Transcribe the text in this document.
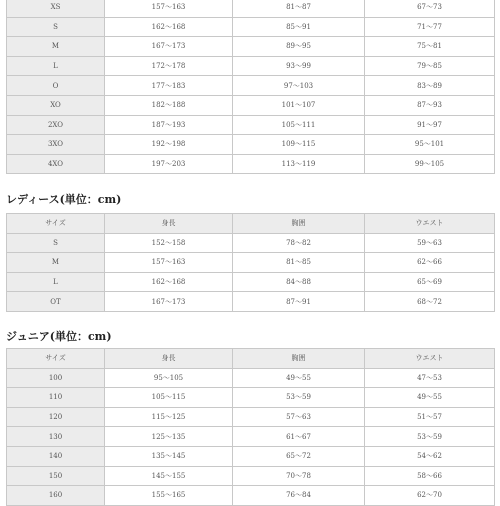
XS	157〜163	81〜87	67〜73
S	162〜168	85〜91	71〜77
M	167〜173	89〜95	75〜81
L	172〜178	93〜99	79〜85
O	177〜183	97〜103	83〜89
XO	182〜188	101〜107	87〜93
2XO	187〜193	105〜111	91〜97
3XO	192〜198	109〜115	95〜101
4XO	197〜203	113〜119	99〜105
レディース(単位：cm)
サイズ	身長	胸囲	ウエスト
S	152〜158	78〜82	59〜63
M	157〜163	81〜85	62〜66
L	162〜168	84〜88	65〜69
OT	167〜173	87〜91	68〜72
ジュニア(単位：cm)
サイズ	身長	胸囲	ウエスト
100	95〜105	49〜55	47〜53
110	105〜115	53〜59	49〜55
120	115〜125	57〜63	51〜57
130	125〜135	61〜67	53〜59
140	135〜145	65〜72	54〜62
150	145〜155	70〜78	58〜66
160	155〜165	76〜84	62〜70
